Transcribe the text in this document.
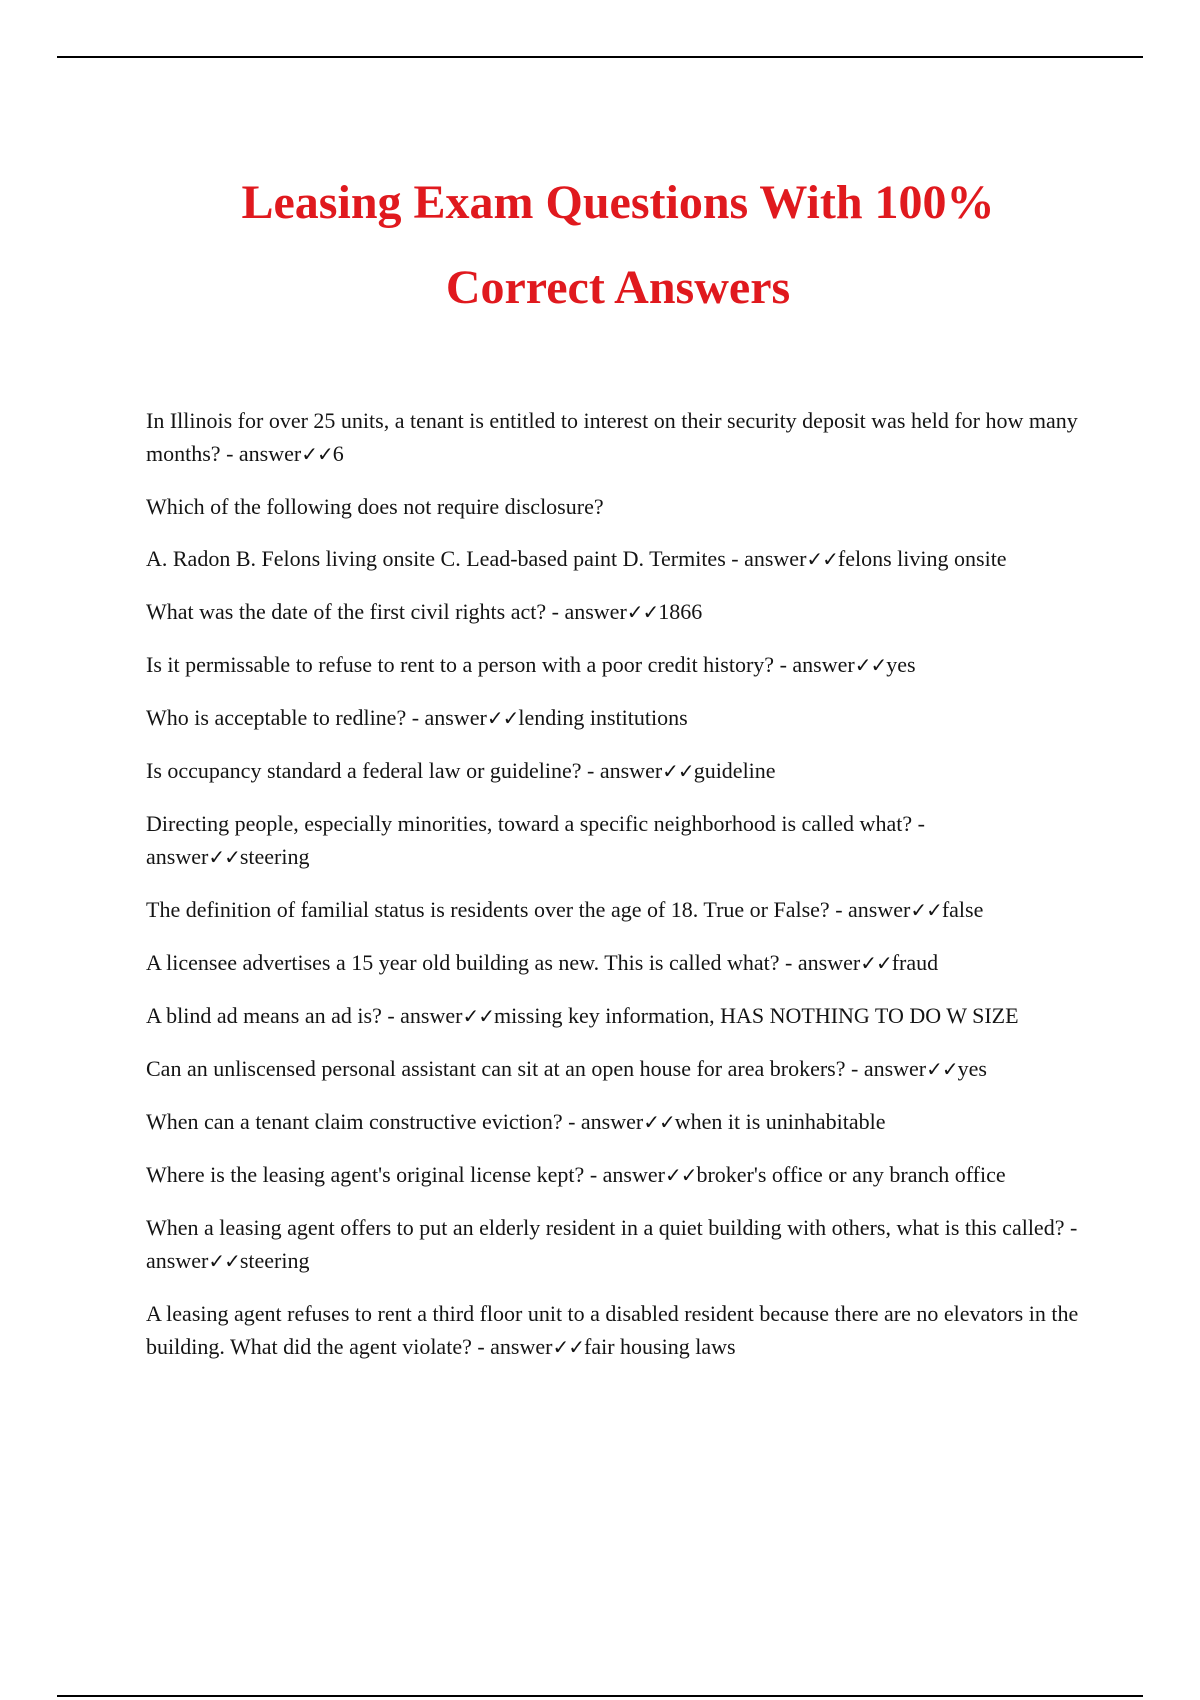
Leasing Exam Questions With 100%
Correct Answers

In Illinois for over 25 units, a tenant is entitled to interest on their security deposit was held for how many months? - answer✓✓6

Which of the following does not require disclosure?

A. Radon B. Felons living onsite C. Lead-based paint D. Termites - answer✓✓felons living onsite

What was the date of the first civil rights act? - answer✓✓1866

Is it permissable to refuse to rent to a person with a poor credit history? - answer✓✓yes

Who is acceptable to redline? - answer✓✓lending institutions

Is occupancy standard a federal law or guideline? - answer✓✓guideline

Directing people, especially minorities, toward a specific neighborhood is called what? - answer✓✓steering

The definition of familial status is residents over the age of 18. True or False? - answer✓✓false

A licensee advertises a 15 year old building as new. This is called what? - answer✓✓fraud

A blind ad means an ad is? - answer✓✓missing key information, HAS NOTHING TO DO W SIZE

Can an unliscensed personal assistant can sit at an open house for area brokers? - answer✓✓yes

When can a tenant claim constructive eviction? - answer✓✓when it is uninhabitable

Where is the leasing agent's original license kept? - answer✓✓broker's office or any branch office

When a leasing agent offers to put an elderly resident in a quiet building with others, what is this called? - answer✓✓steering

A leasing agent refuses to rent a third floor unit to a disabled resident because there are no elevators in the building. What did the agent violate? - answer✓✓fair housing laws
